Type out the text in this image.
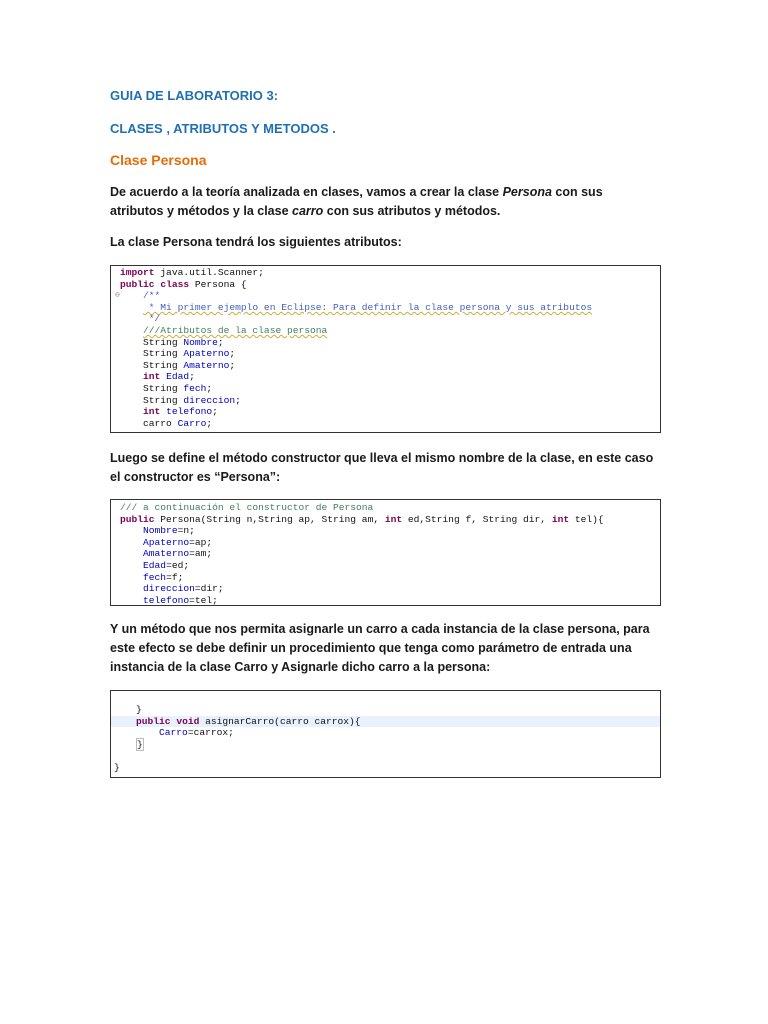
GUIA DE LABORATORIO 3:
CLASES , ATRIBUTOS Y METODOS .
Clase Persona
De acuerdo a la teoría analizada en clases, vamos a crear la clase Persona con sus atributos y métodos y la clase carro con sus atributos y métodos.
La clase Persona tendrá los siguientes atributos:
import java.util.Scanner;
public class Persona {
/**
* Mi primer ejemplo en Eclipse: Para definir la clase persona y sus atributos
*/
///Atributos de la clase persona
String Nombre;
String Apaterno;
String Amaterno;
int Edad;
String fech;
String direccion;
int telefono;
carro Carro;
⊖
Luego se define el método constructor que lleva el mismo nombre de la clase, en este caso el constructor es “Persona”:
/// a continuación el constructor de Persona
public Persona(String n,String ap, String am, int ed,String f, String dir, int tel){
Nombre=n;
Apaterno=ap;
Amaterno=am;
Edad=ed;
fech=f;
direccion=dir;
telefono=tel;
Y un método que nos permita asignarle un carro a cada instancia de la clase persona, para este efecto se debe definir un procedimiento que tenga como parámetro de entrada una instancia de la clase Carro y Asignarle dicho carro a la persona:
}
public void asignarCarro(carro carrox){
Carro=carrox;
}
}
